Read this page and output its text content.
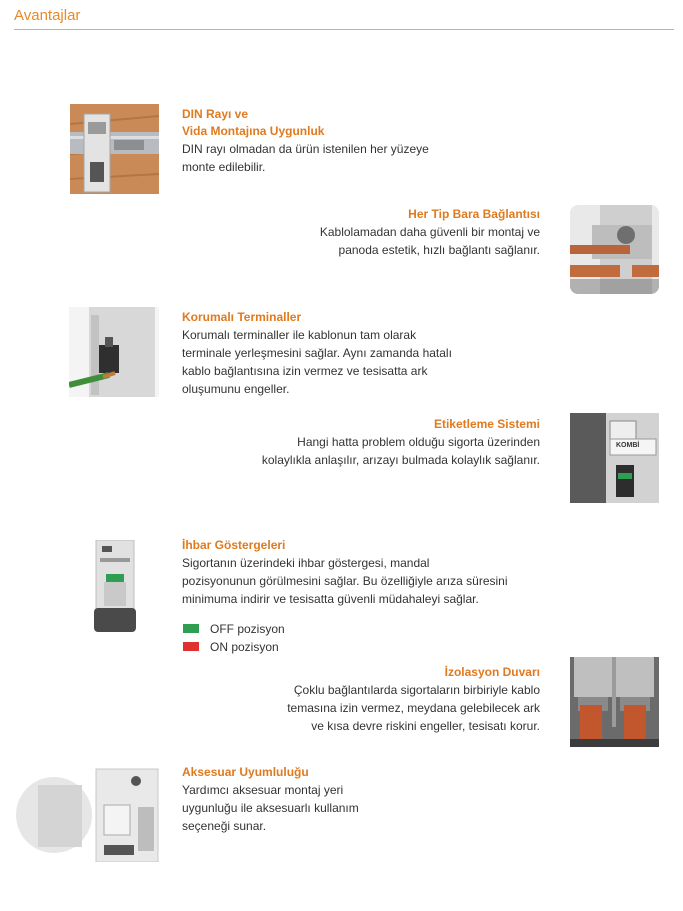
Avantajlar
DIN Rayı ve
Vida Montajına Uygunluk
DIN rayı olmadan da ürün istenilen her yüzeye
monte edilebilir.
Her Tip Bara Bağlantısı
Kablolamadan daha güvenli bir montaj ve
panoda estetik, hızlı bağlantı sağlanır.
Korumalı Terminaller
Korumalı terminaller ile kablonun tam olarak
terminale yerleşmesini sağlar. Aynı zamanda hatalı
kablo bağlantısına izin vermez ve tesisatta ark
oluşumunu engeller.
Etiketleme Sistemi
Hangi hatta problem olduğu sigorta üzerinden
kolaylıkla anlaşılır, arızayı bulmada kolaylık sağlanır.
KOMBİ
İhbar Göstergeleri
Sigortanın üzerindeki ihbar göstergesi, mandal
pozisyonunun görülmesini sağlar. Bu özelliğiyle arıza süresini
minimuma indirir ve tesisatta güvenli müdahaleyi sağlar.
OFF pozisyon
ON pozisyon
İzolasyon Duvarı
Çoklu bağlantılarda sigortaların birbiriyle kablo
temasına izin vermez, meydana gelebilecek ark
ve kısa devre riskini engeller, tesisatı korur.
Aksesuar Uyumluluğu
Yardımcı aksesuar montaj yeri
uygunluğu ile aksesuarlı kullanım
seçeneği sunar.
